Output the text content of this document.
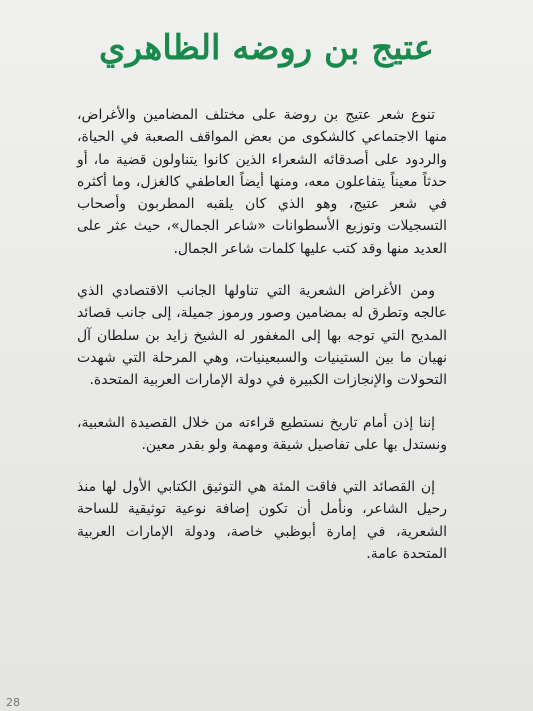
عتيج بن روضه الظاهري

تنوع شعر عتيج بن روضة على مختلف المضامين والأغراض، منها الاجتماعي كالشكوى من بعض المواقف الصعبة في الحياة، والردود على أصدقائه الشعراء الذين كانوا يتناولون قضية ما، أو حدثاً معيناً يتفاعلون معه، ومنها أيضاً العاطفي كالغزل، وما أكثره في شعر عتيج، وهو الذي كان يلقبه المطربون وأصحاب التسجيلات وتوزيع الأسطوانات «شاعر الجمال»، حيث عثر على العديد منها وقد كتب عليها كلمات شاعر الجمال.

ومن الأغراض الشعرية التي تناولها الجانب الاقتصادي الذي عالجه وتطرق له بمضامين وصور ورموز جميلة، إلى جانب قصائد المديح التي توجه بها إلى المغفور له الشيخ زايد بن سلطان آل نهيان ما بين الستينيات والسبعينيات، وهي المرحلة التي شهدت التحولات والإنجازات الكبيرة في دولة الإمارات العربية المتحدة.

إننا إذن أمام تاريخ نستطيع قراءته من خلال القصيدة الشعبية، ونستدل بها على تفاصيل شيقة ومهمة ولو بقدر معين.

إن القصائد التي فاقت المئة هي التوثيق الكتابي الأول لها منذ رحيل الشاعر، ونأمل أن تكون إضافة نوعية توثيقية للساحة الشعرية، في إمارة أبوظبي خاصة، ودولة الإمارات العربية المتحدة عامة.

28
